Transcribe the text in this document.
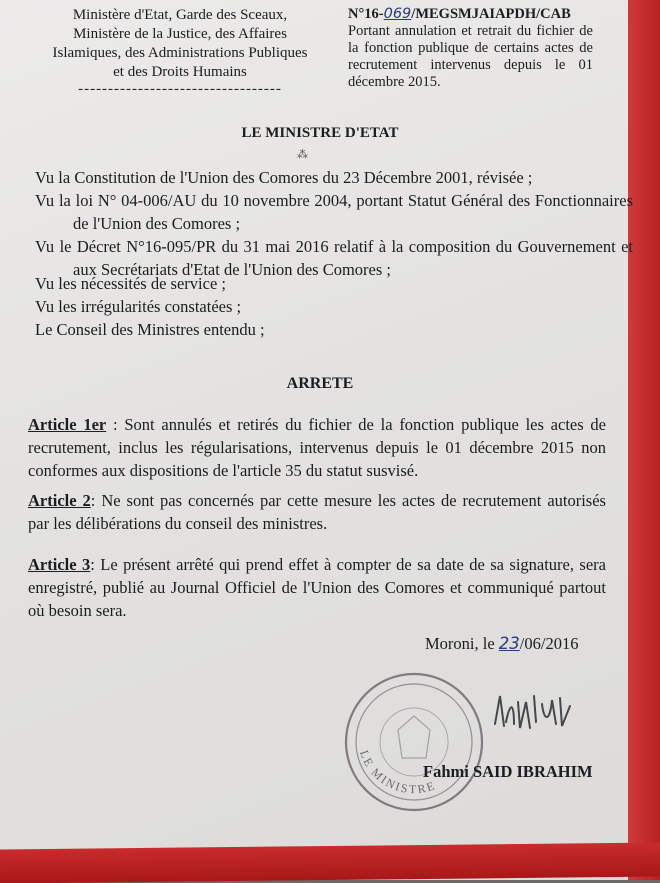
Ministère d'Etat, Garde des Sceaux,
Ministère de la Justice, des Affaires
Islamiques, des Administrations Publiques
et des Droits Humains
----------------------------------
N°16-069/MEGSMJAIAPDH/CAB
Portant annulation et retrait du fichier de la fonction publique de certains actes de recrutement intervenus depuis le 01 décembre 2015.
LE MINISTRE D'ETAT
⁂
Vu la Constitution de l'Union des Comores du 23 Décembre 2001, révisée ;
Vu la loi N° 04-006/AU du 10 novembre 2004, portant Statut Général des Fonctionnaires de l'Union des Comores ;
Vu le Décret N°16-095/PR du 31 mai 2016 relatif à la composition du Gouvernement et aux Secrétariats d'Etat de l'Union des Comores ;
Vu les nécessités de service ;
Vu les irrégularités constatées ;
Le Conseil des Ministres entendu ;
ARRETE
Article 1er : Sont annulés et retirés du fichier de la fonction publique les actes de recrutement, inclus les régularisations, intervenus depuis le 01 décembre 2015 non conformes aux dispositions de l'article 35 du statut susvisé.
Article 2: Ne sont pas concernés par cette mesure les actes de recrutement autorisés par les délibérations du conseil des ministres.
Article 3: Le présent arrêté qui prend effet à compter de sa date de sa signature, sera enregistré, publié au Journal Officiel de l'Union des Comores et communiqué partout où besoin sera.
Moroni, le 23/06/2016
LE MINISTRE
Fahmi SAID IBRAHIM
